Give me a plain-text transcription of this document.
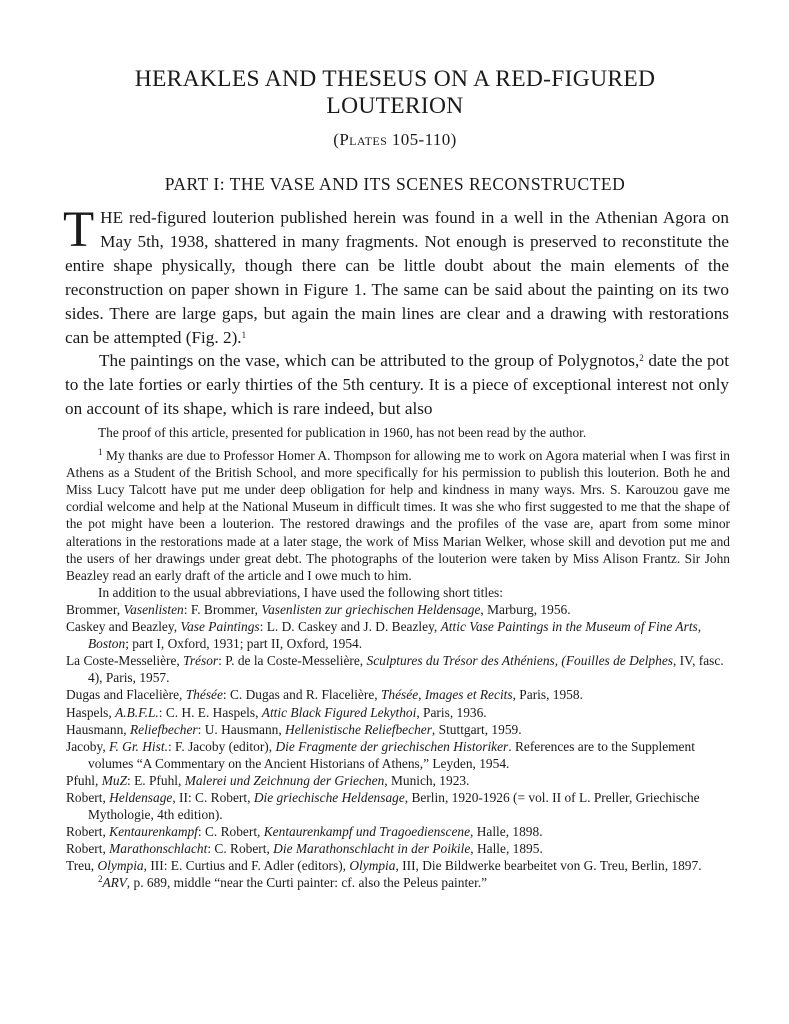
HERAKLES AND THESEUS ON A RED-FIGURED
LOUTERION
(Plates 105-110)
PART I: THE VASE AND ITS SCENES RECONSTRUCTED

THE red-figured louterion published herein was found in a well in the Athenian Agora on May 5th, 1938, shattered in many fragments. Not enough is preserved to reconstitute the entire shape physically, though there can be little doubt about the main elements of the reconstruction on paper shown in Figure 1. The same can be said about the painting on its two sides. There are large gaps, but again the main lines are clear and a drawing with restorations can be attempted (Fig. 2).$^1$

The paintings on the vase, which can be attributed to the group of Polygnotos,$^2$ date the pot to the late forties or early thirties of the 5th century. It is a piece of exceptional interest not only on account of its shape, which is rare indeed, but also

The proof of this article, presented for publication in 1960, has not been read by the author.

$^1$ My thanks are due to Professor Homer A. Thompson for allowing me to work on Agora material when I was first in Athens as a Student of the British School, and more specifically for his permission to publish this louterion. Both he and Miss Lucy Talcott have put me under deep obligation for help and kindness in many ways. Mrs. S. Karouzou gave me cordial welcome and help at the National Museum in difficult times. It was she who first suggested to me that the shape of the pot might have been a louterion. The restored drawings and the profiles of the vase are, apart from some minor alterations in the restorations made at a later stage, the work of Miss Marian Welker, whose skill and devotion put me and the users of her drawings under great debt. The photographs of the louterion were taken by Miss Alison Frantz. Sir John Beazley read an early draft of the article and I owe much to him.

In addition to the usual abbreviations, I have used the following short titles:

Brommer, Vasenlisten: F. Brommer, Vasenlisten zur griechischen Heldensage, Marburg, 1956.

Caskey and Beazley, Vase Paintings: L. D. Caskey and J. D. Beazley, Attic Vase Paintings in the Museum of Fine Arts, Boston; part I, Oxford, 1931; part II, Oxford, 1954.

La Coste-Messelière, Trésor: P. de la Coste-Messelière, Sculptures du Trésor des Athéniens, (Fouilles de Delphes, IV, fasc. 4), Paris, 1957.

Dugas and Flacelière, Thésée: C. Dugas and R. Flacelière, Thésée, Images et Recits, Paris, 1958.

Haspels, A.B.F.L.: C. H. E. Haspels, Attic Black Figured Lekythoi, Paris, 1936.

Hausmann, Reliefbecher: U. Hausmann, Hellenistische Reliefbecher, Stuttgart, 1959.

Jacoby, F. Gr. Hist.: F. Jacoby (editor), Die Fragmente der griechischen Historiker. References are to the Supplement volumes “A Commentary on the Ancient Historians of Athens,” Leyden, 1954.

Pfuhl, MuZ: E. Pfuhl, Malerei und Zeichnung der Griechen, Munich, 1923.

Robert, Heldensage, II: C. Robert, Die griechische Heldensage, Berlin, 1920-1926 (= vol. II of L. Preller, Griechische Mythologie, 4th edition).

Robert, Kentaurenkampf: C. Robert, Kentaurenkampf und Tragoedienscene, Halle, 1898.

Robert, Marathonschlacht: C. Robert, Die Marathonschlacht in der Poikile, Halle, 1895.

Treu, Olympia, III: E. Curtius and F. Adler (editors), Olympia, III, Die Bildwerke bearbeitet von G. Treu, Berlin, 1897.

$^2$ARV, p. 689, middle “near the Curti painter: cf. also the Peleus painter.”
